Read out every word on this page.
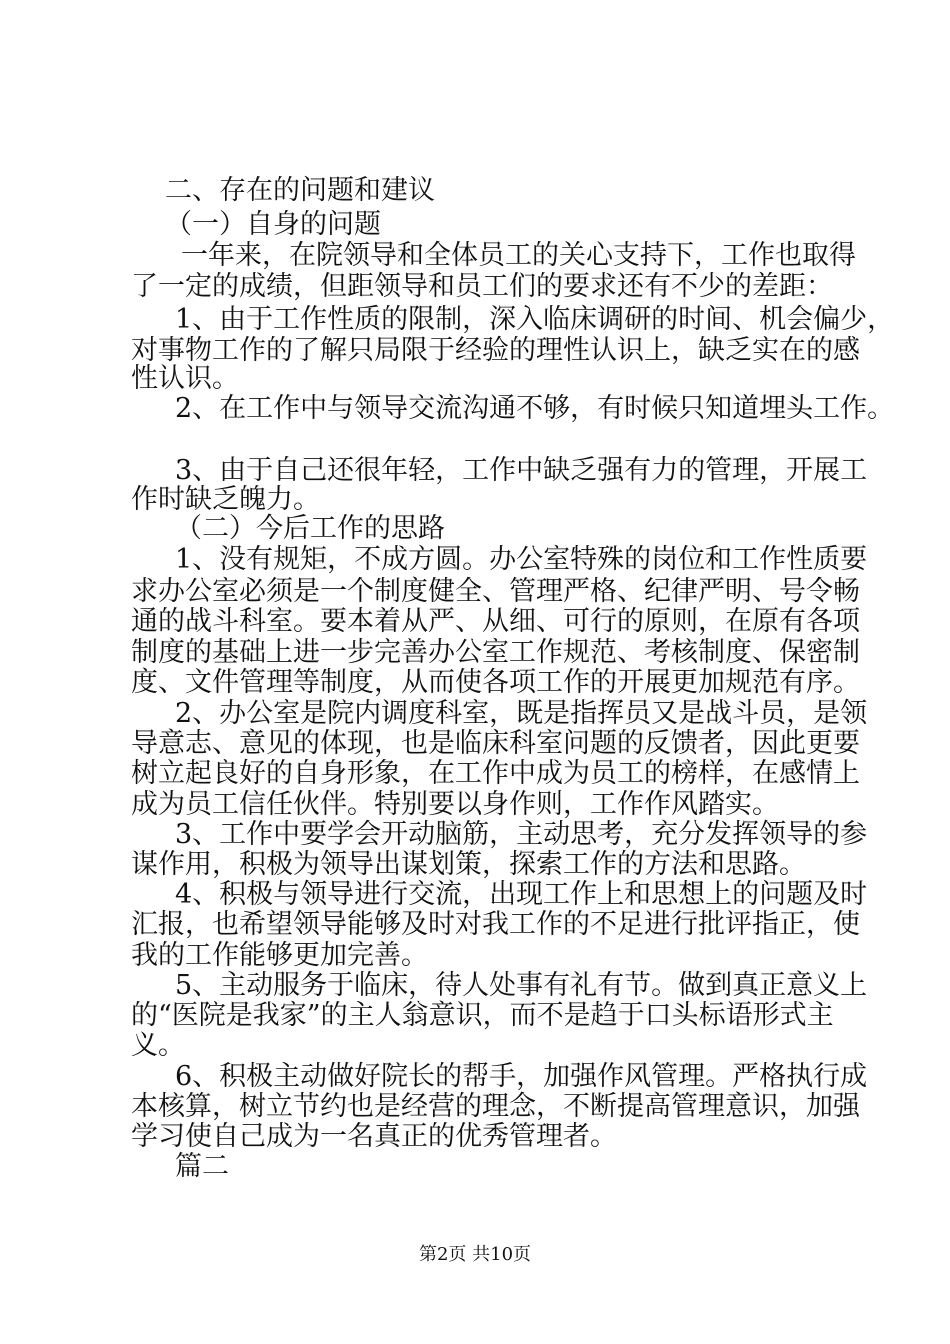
二、存在的问题和建议
（一）自身的问题
一年来，在院领导和全体员工的关心支持下，工作也取得
了一定的成绩，但距领导和员工们的要求还有不少的差距：
1、由于工作性质的限制，深入临床调研的时间、机会偏少，
对事物工作的了解只局限于经验的理性认识上，缺乏实在的感
性认识。
2、在工作中与领导交流沟通不够，有时候只知道埋头工作。
3、由于自己还很年轻，工作中缺乏强有力的管理，开展工
作时缺乏魄力。
（二）今后工作的思路
1、没有规矩，不成方圆。办公室特殊的岗位和工作性质要
求办公室必须是一个制度健全、管理严格、纪律严明、号令畅
通的战斗科室。要本着从严、从细、可行的原则，在原有各项
制度的基础上进一步完善办公室工作规范、考核制度、保密制
度、文件管理等制度，从而使各项工作的开展更加规范有序。
2、办公室是院内调度科室，既是指挥员又是战斗员，是领
导意志、意见的体现，也是临床科室问题的反馈者，因此更要
树立起良好的自身形象，在工作中成为员工的榜样，在感情上
成为员工信任伙伴。特别要以身作则，工作作风踏实。
3、工作中要学会开动脑筋，主动思考，充分发挥领导的参
谋作用，积极为领导出谋划策，探索工作的方法和思路。
4、积极与领导进行交流，出现工作上和思想上的问题及时
汇报，也希望领导能够及时对我工作的不足进行批评指正，使
我的工作能够更加完善。
5、主动服务于临床，待人处事有礼有节。做到真正意义上
的“医院是我家”的主人翁意识，而不是趋于口头标语形式主
义。
6、积极主动做好院长的帮手，加强作风管理。严格执行成
本核算，树立节约也是经营的理念，不断提高管理意识，加强
学习使自己成为一名真正的优秀管理者。
篇二
第2页 共10页
